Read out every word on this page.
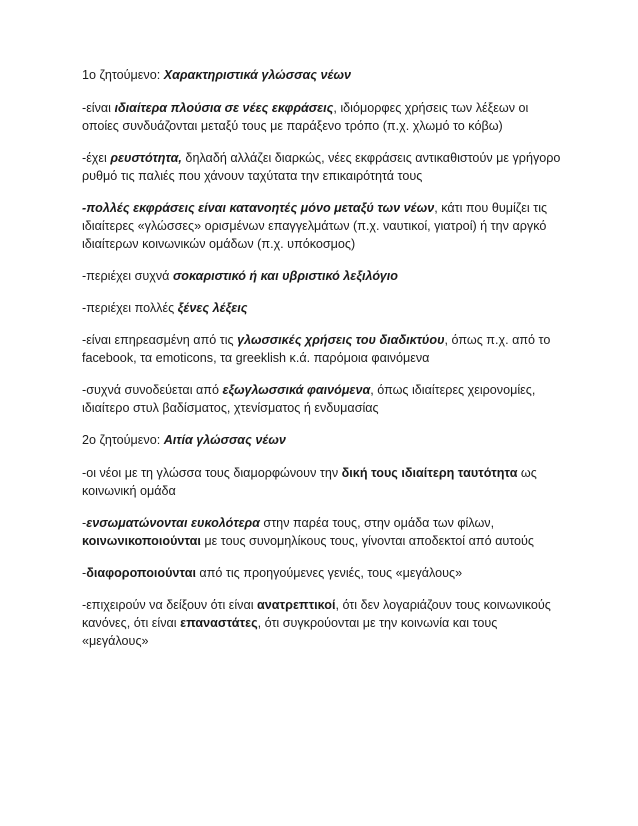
1ο ζητούμενο: Χαρακτηριστικά γλώσσας νέων

-είναι ιδιαίτερα πλούσια σε νέες εκφράσεις, ιδιόμορφες χρήσεις των λέξεων οι οποίες συνδυάζονται μεταξύ τους με παράξενο τρόπο (π.χ. χλωμό το κόβω)

-έχει ρευστότητα, δηλαδή αλλάζει διαρκώς, νέες εκφράσεις αντικαθιστούν με γρήγορο ρυθμό τις παλιές που χάνουν ταχύτατα την επικαιρότητά τους

-πολλές εκφράσεις είναι κατανοητές μόνο μεταξύ των νέων, κάτι που θυμίζει τις ιδιαίτερες «γλώσσες» ορισμένων επαγγελμάτων (π.χ. ναυτικοί, γιατροί) ή την αργκό ιδιαίτερων κοινωνικών ομάδων (π.χ. υπόκοσμος)

-περιέχει συχνά σοκαριστικό ή και υβριστικό λεξιλόγιο

-περιέχει πολλές ξένες λέξεις

-είναι επηρεασμένη από τις γλωσσικές χρήσεις του διαδικτύου, όπως π.χ. από το facebook, τα emoticons, τα greeklish κ.ά. παρόμοια φαινόμενα

-συχνά συνοδεύεται από εξωγλωσσικά φαινόμενα, όπως ιδιαίτερες χειρονομίες, ιδιαίτερο στυλ βαδίσματος, χτενίσματος ή ενδυμασίας

2ο ζητούμενο: Αιτία γλώσσας νέων

-οι νέοι με τη γλώσσα τους διαμορφώνουν την δική τους ιδιαίτερη ταυτότητα ως κοινωνική ομάδα

-ενσωματώνονται ευκολότερα στην παρέα τους, στην ομάδα των φίλων, κοινωνικοποιούνται με τους συνομηλίκους τους, γίνονται αποδεκτοί από αυτούς

-διαφοροποιούνται από τις προηγούμενες γενιές, τους «μεγάλους»

-επιχειρούν να δείξουν ότι είναι ανατρεπτικοί, ότι δεν λογαριάζουν τους κοινωνικούς κανόνες, ότι είναι επαναστάτες, ότι συγκρούονται με την κοινωνία και τους «μεγάλους»
